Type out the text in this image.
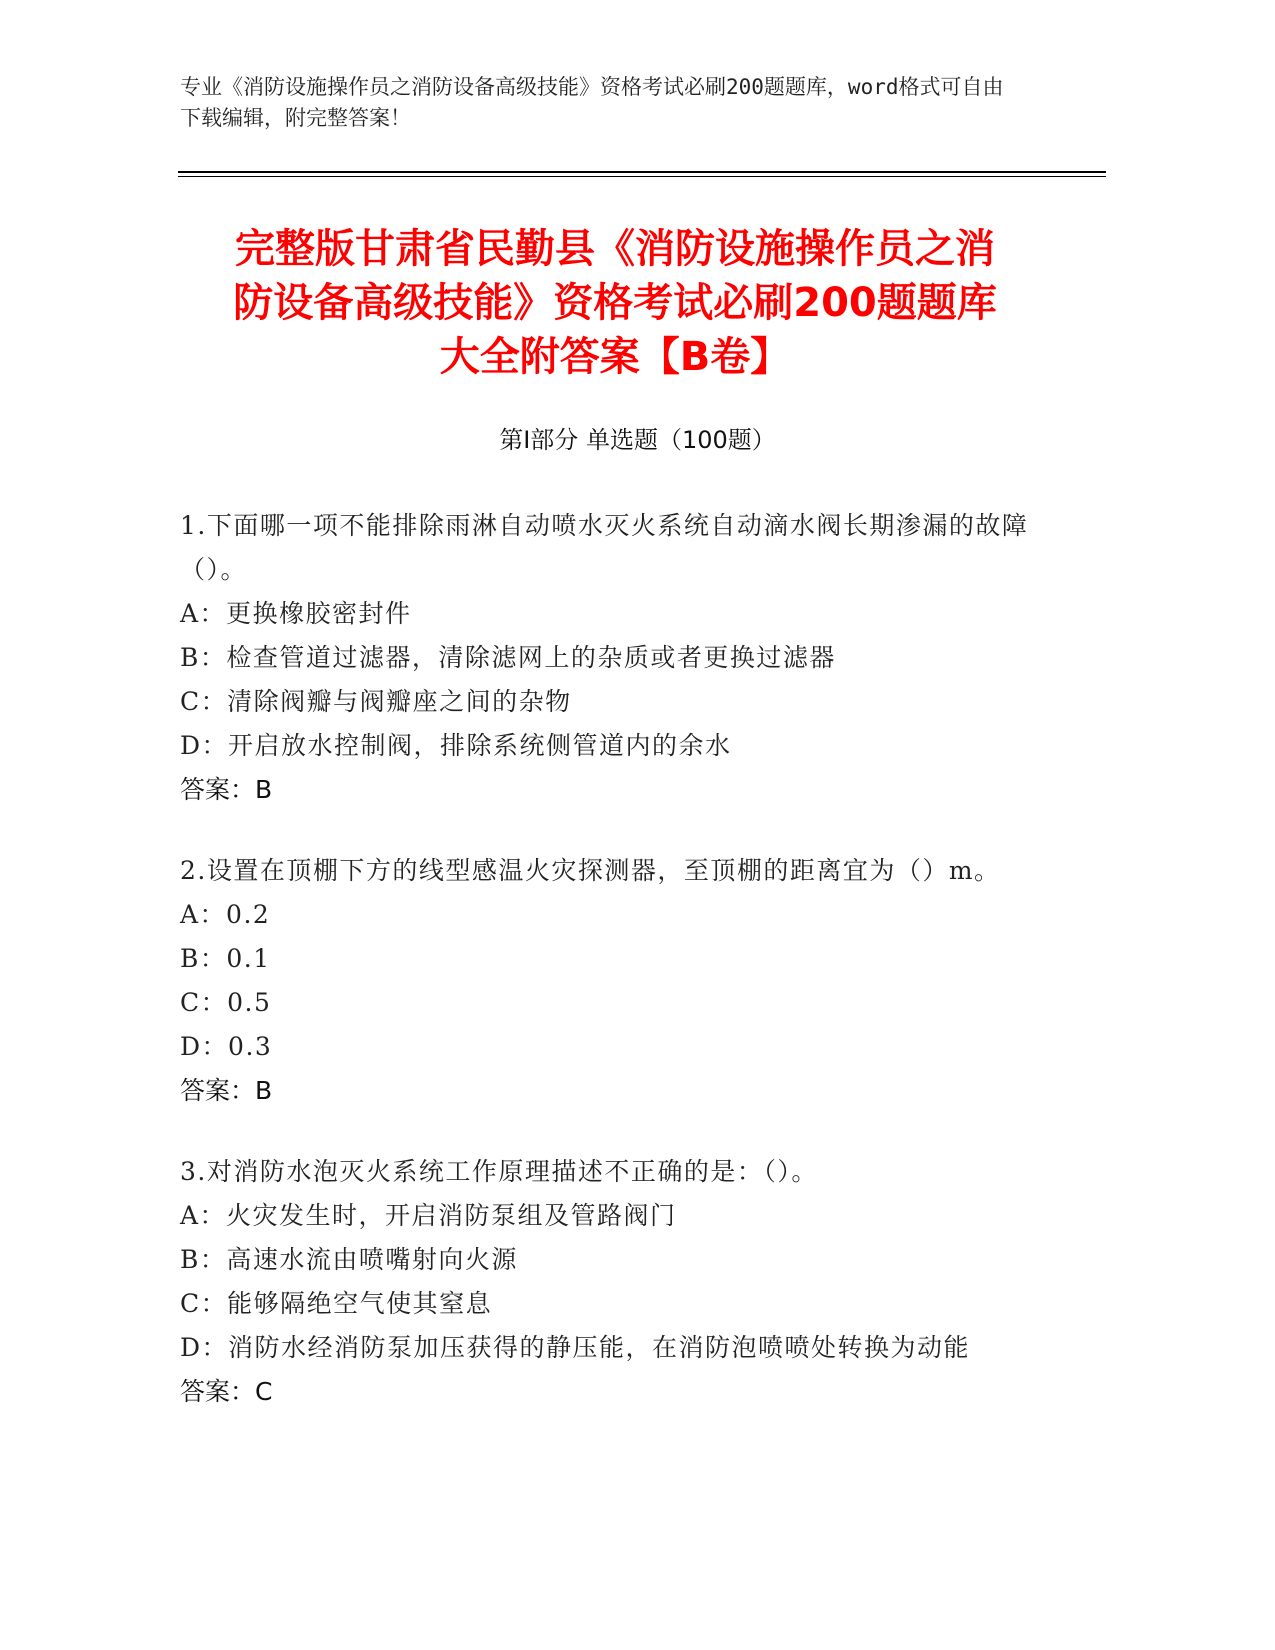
专业《消防设施操作员之消防设备高级技能》资格考试必刷200题题库，word格式可自由下载编辑，附完整答案！
完整版甘肃省民勤县《消防设施操作员之消
防设备高级技能》资格考试必刷200题题库
大全附答案【B卷】
第Ⅰ部分 单选题（100题）
1.下面哪一项不能排除雨淋自动喷水灭火系统自动滴水阀长期渗漏的故障（）。
A：更换橡胶密封件
B：检查管道过滤器，清除滤网上的杂质或者更换过滤器
C：清除阀瓣与阀瓣座之间的杂物
D：开启放水控制阀，排除系统侧管道内的余水
答案：B
2.设置在顶棚下方的线型感温火灾探测器，至顶棚的距离宜为（）m。
A：0.2
B：0.1
C：0.5
D：0.3
答案：B
3.对消防水泡灭火系统工作原理描述不正确的是：（）。
A：火灾发生时，开启消防泵组及管路阀门
B：高速水流由喷嘴射向火源
C：能够隔绝空气使其窒息
D：消防水经消防泵加压获得的静压能，在消防泡喷喷处转换为动能
答案：C
